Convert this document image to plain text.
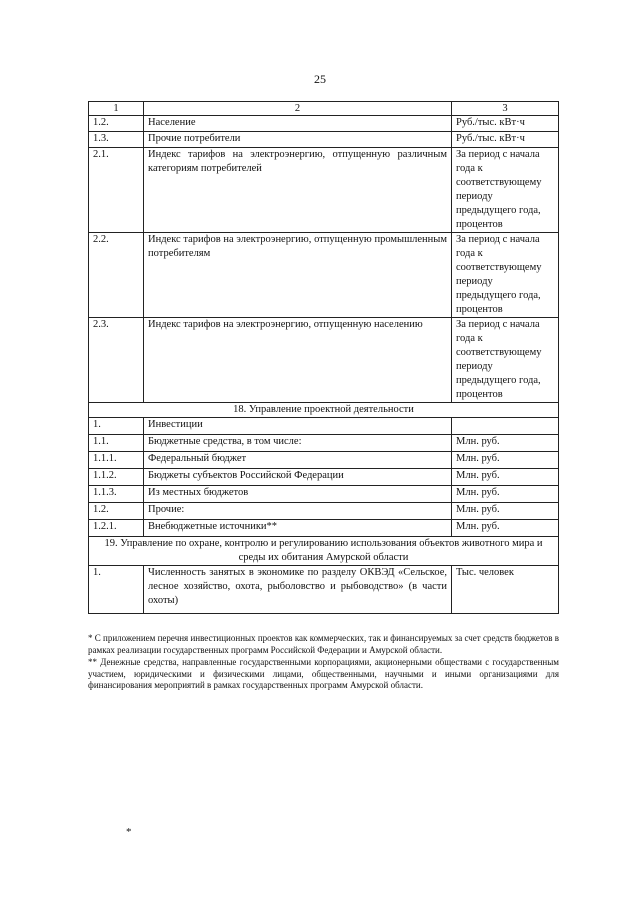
25
1	2	3
1.2.	Население	Руб./тыс. кВт·ч
1.3.	Прочие потребители	Руб./тыс. кВт·ч
2.1.	Индекс тарифов на электроэнергию, отпущенную различным категориям потребителей	За период с начала года к соответствующему периоду предыдущего года, процентов
2.2.	Индекс тарифов на электроэнергию, отпущенную промышленным потребителям	За период с начала года к соответствующему периоду предыдущего года, процентов
2.3.	Индекс тарифов на электроэнергию, отпущенную населению	За период с начала года к соответствующему периоду предыдущего года, процентов
18. Управление проектной деятельности		
1.	Инвестиции	
1.1.	Бюджетные средства, в том числе:	Млн. руб.
1.1.1.	Федеральный бюджет	Млн. руб.
1.1.2.	Бюджеты субъектов Российской Федерации	Млн. руб.
1.1.3.	Из местных бюджетов	Млн. руб.
1.2.	Прочие:	Млн. руб.
1.2.1.	Внебюджетные источники**	Млн. руб.
19. Управление по охране, контролю и регулированию использования объектов животного мира и среды их обитания Амурской области		
1.	Численность занятых в экономике по разделу ОКВЭД «Сельское, лесное хозяйство, охота, рыболовство и рыбоводство» (в части охоты)	Тыс. человек

* С приложением перечня инвестиционных проектов как коммерческих, так и финансируемых за счет средств бюджетов в рамках реализации государственных программ Российской Федерации и Амурской области.

** Денежные средства, направленные государственными корпорациями, акционерными обществами с государственным участием, юридическими и физическими лицами, общественными, научными и иными организациями для финансирования мероприятий в рамках государственных программ Амурской области.

*
